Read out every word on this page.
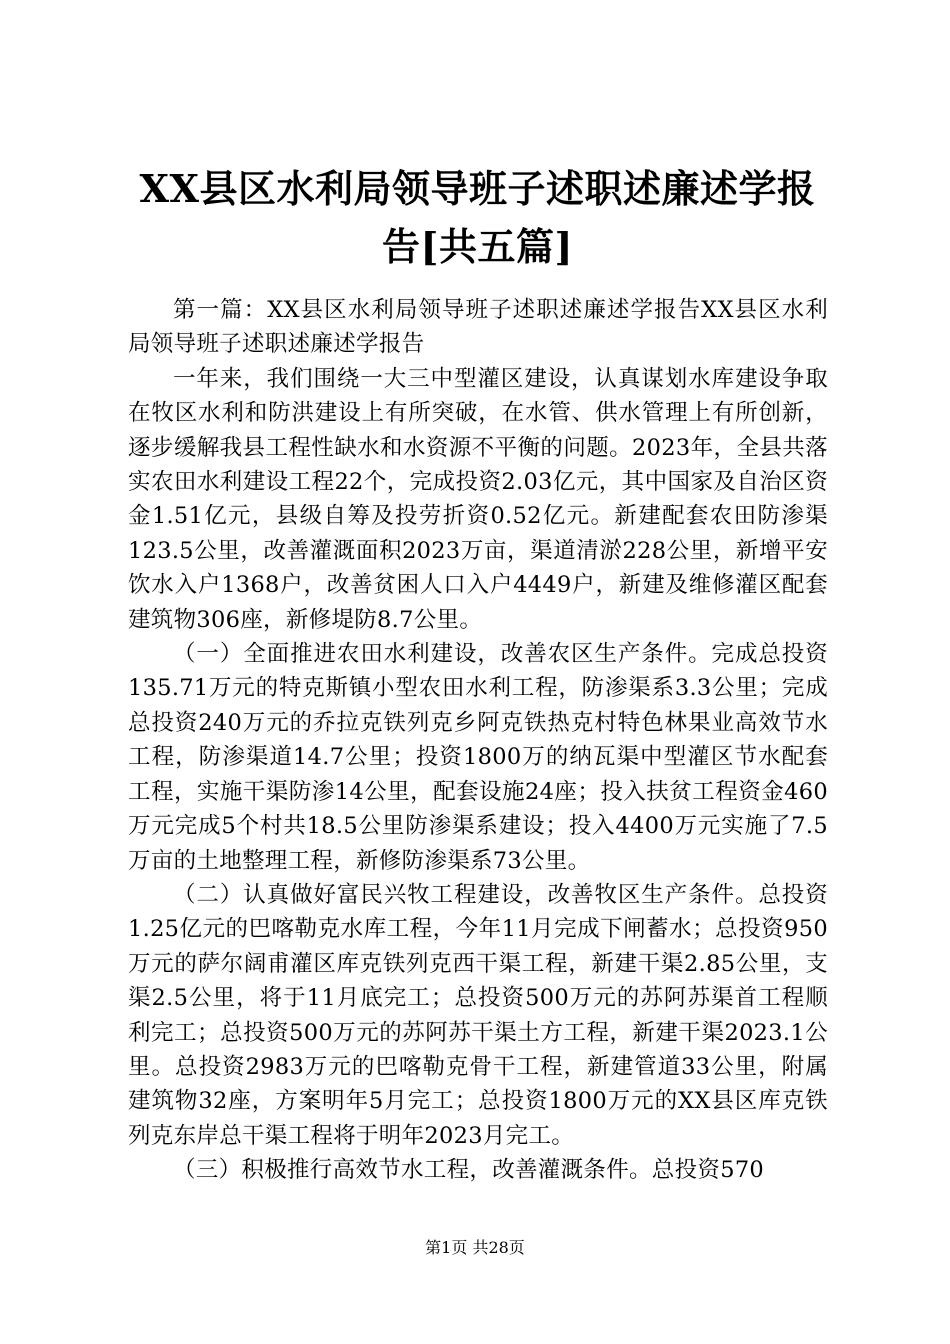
XX县区水利局领导班子述职述廉述学报告[共五篇]

第一篇：XX县区水利局领导班子述职述廉述学报告XX县区水利局领导班子述职述廉述学报告

一年来，我们围绕一大三中型灌区建设，认真谋划水库建设争取在牧区水利和防洪建设上有所突破，在水管、供水管理上有所创新，逐步缓解我县工程性缺水和水资源不平衡的问题。2023年，全县共落实农田水利建设工程22个，完成投资2.03亿元，其中国家及自治区资金1.51亿元，县级自筹及投劳折资0.52亿元。新建配套农田防渗渠123.5公里，改善灌溉面积2023万亩，渠道清淤228公里，新增平安饮水入户1368户，改善贫困人口入户4449户，新建及维修灌区配套建筑物306座，新修堤防8.7公里。

（一）全面推进农田水利建设，改善农区生产条件。完成总投资135.71万元的特克斯镇小型农田水利工程，防渗渠系3.3公里；完成总投资240万元的乔拉克铁列克乡阿克铁热克村特色林果业高效节水工程，防渗渠道14.7公里；投资1800万的纳瓦渠中型灌区节水配套工程，实施干渠防渗14公里，配套设施24座；投入扶贫工程资金460万元完成5个村共18.5公里防渗渠系建设；投入4400万元实施了7.5万亩的土地整理工程，新修防渗渠系73公里。

（二）认真做好富民兴牧工程建设，改善牧区生产条件。总投资1.25亿元的巴喀勒克水库工程，今年11月完成下闸蓄水；总投资950万元的萨尔阔甫灌区库克铁列克西干渠工程，新建干渠2.85公里，支渠2.5公里，将于11月底完工；总投资500万元的苏阿苏渠首工程顺利完工；总投资500万元的苏阿苏干渠土方工程，新建干渠2023.1公里。总投资2983万元的巴喀勒克骨干工程，新建管道33公里，附属建筑物32座，方案明年5月完工；总投资1800万元的XX县区库克铁列克东岸总干渠工程将于明年2023月完工。

（三）积极推行高效节水工程，改善灌溉条件。总投资570

第1页 共28页
